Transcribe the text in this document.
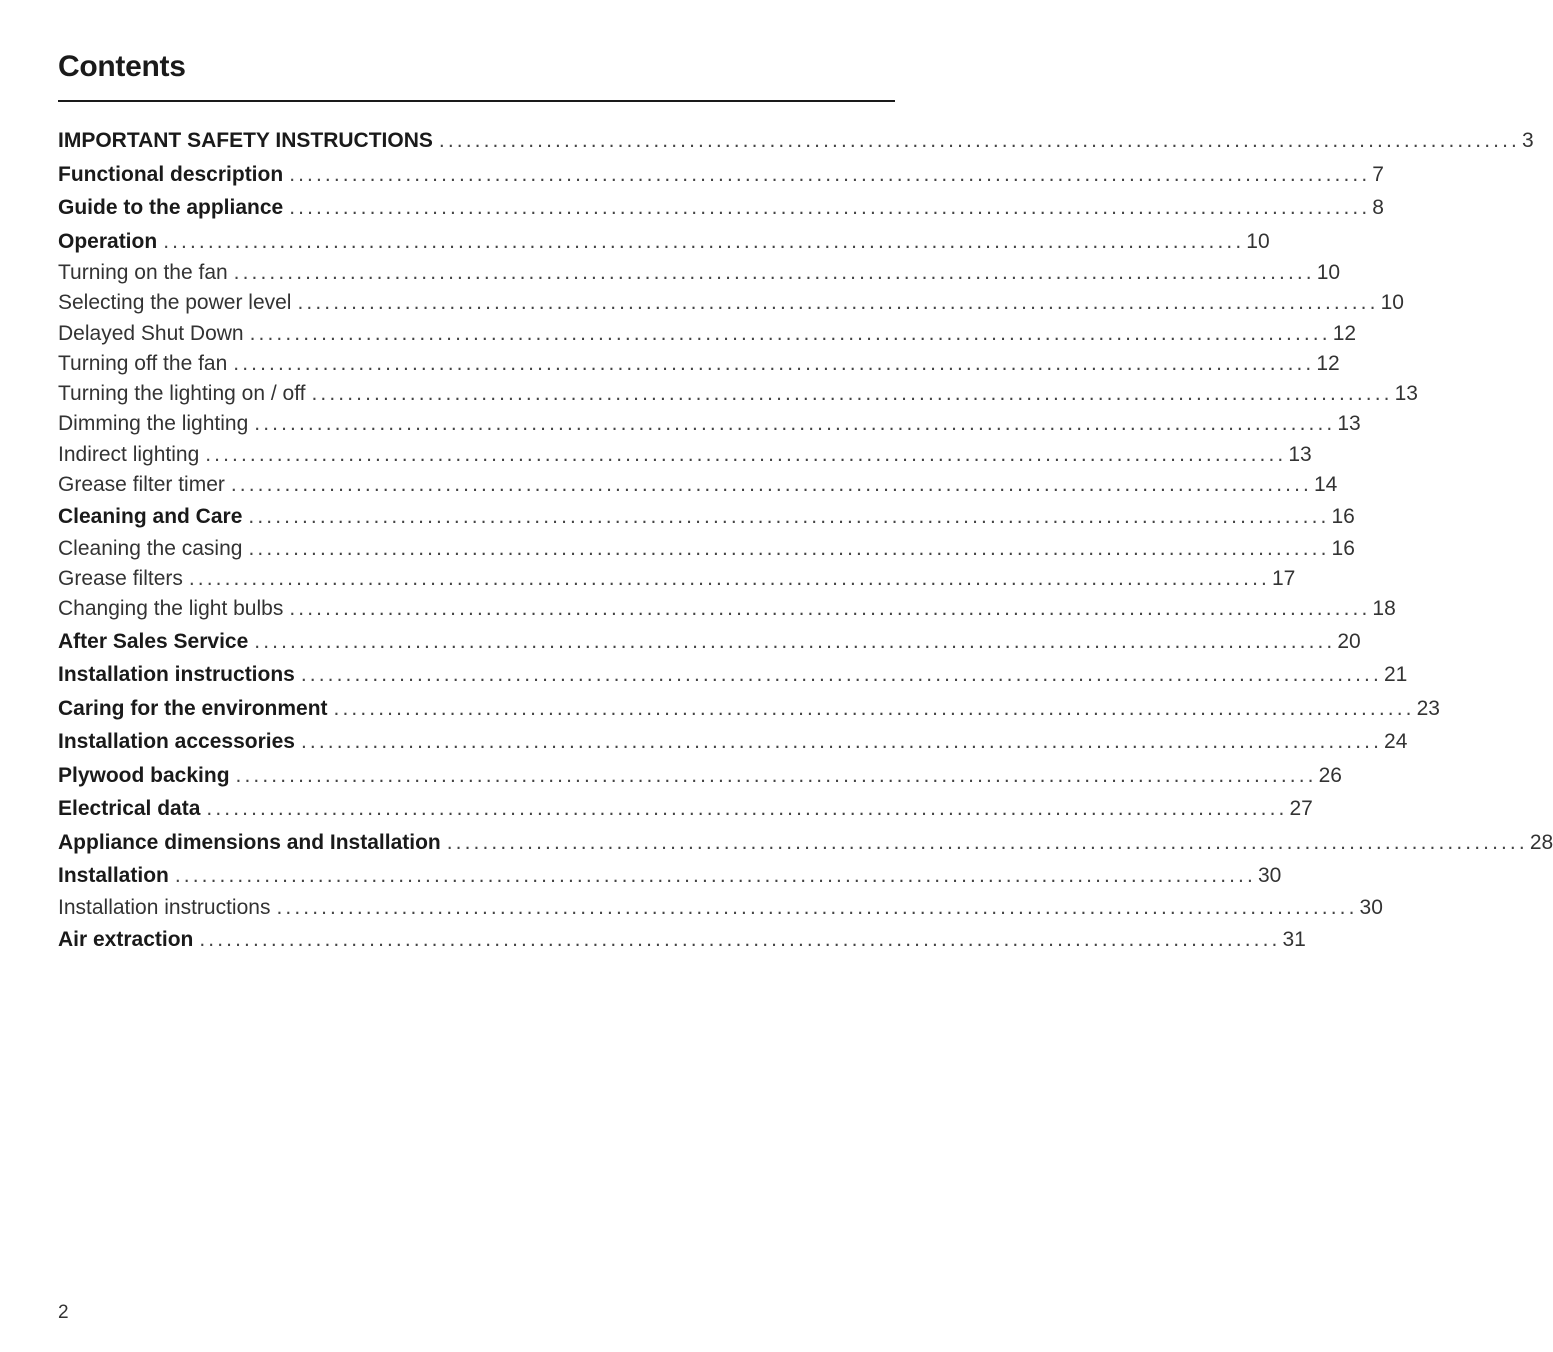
Contents
IMPORTANT SAFETY INSTRUCTIONS ......................................................................................................................... 3
Functional description ......................................................................................................................... 7
Guide to the appliance ......................................................................................................................... 8
Operation ......................................................................................................................... 10
Turning on the fan ......................................................................................................................... 10
Selecting the power level ......................................................................................................................... 10
Delayed Shut Down ......................................................................................................................... 12
Turning off the fan ......................................................................................................................... 12
Turning the lighting on / off ......................................................................................................................... 13
Dimming the lighting ......................................................................................................................... 13
Indirect lighting ......................................................................................................................... 13
Grease filter timer ......................................................................................................................... 14
Cleaning and Care ......................................................................................................................... 16
Cleaning the casing ......................................................................................................................... 16
Grease filters ......................................................................................................................... 17
Changing the light bulbs ......................................................................................................................... 18
After Sales Service ......................................................................................................................... 20
Installation instructions ......................................................................................................................... 21
Caring for the environment ......................................................................................................................... 23
Installation accessories ......................................................................................................................... 24
Plywood backing ......................................................................................................................... 26
Electrical data ......................................................................................................................... 27
Appliance dimensions and Installation ......................................................................................................................... 28
Installation ......................................................................................................................... 30
Installation instructions ......................................................................................................................... 30
Air extraction ......................................................................................................................... 31
2
